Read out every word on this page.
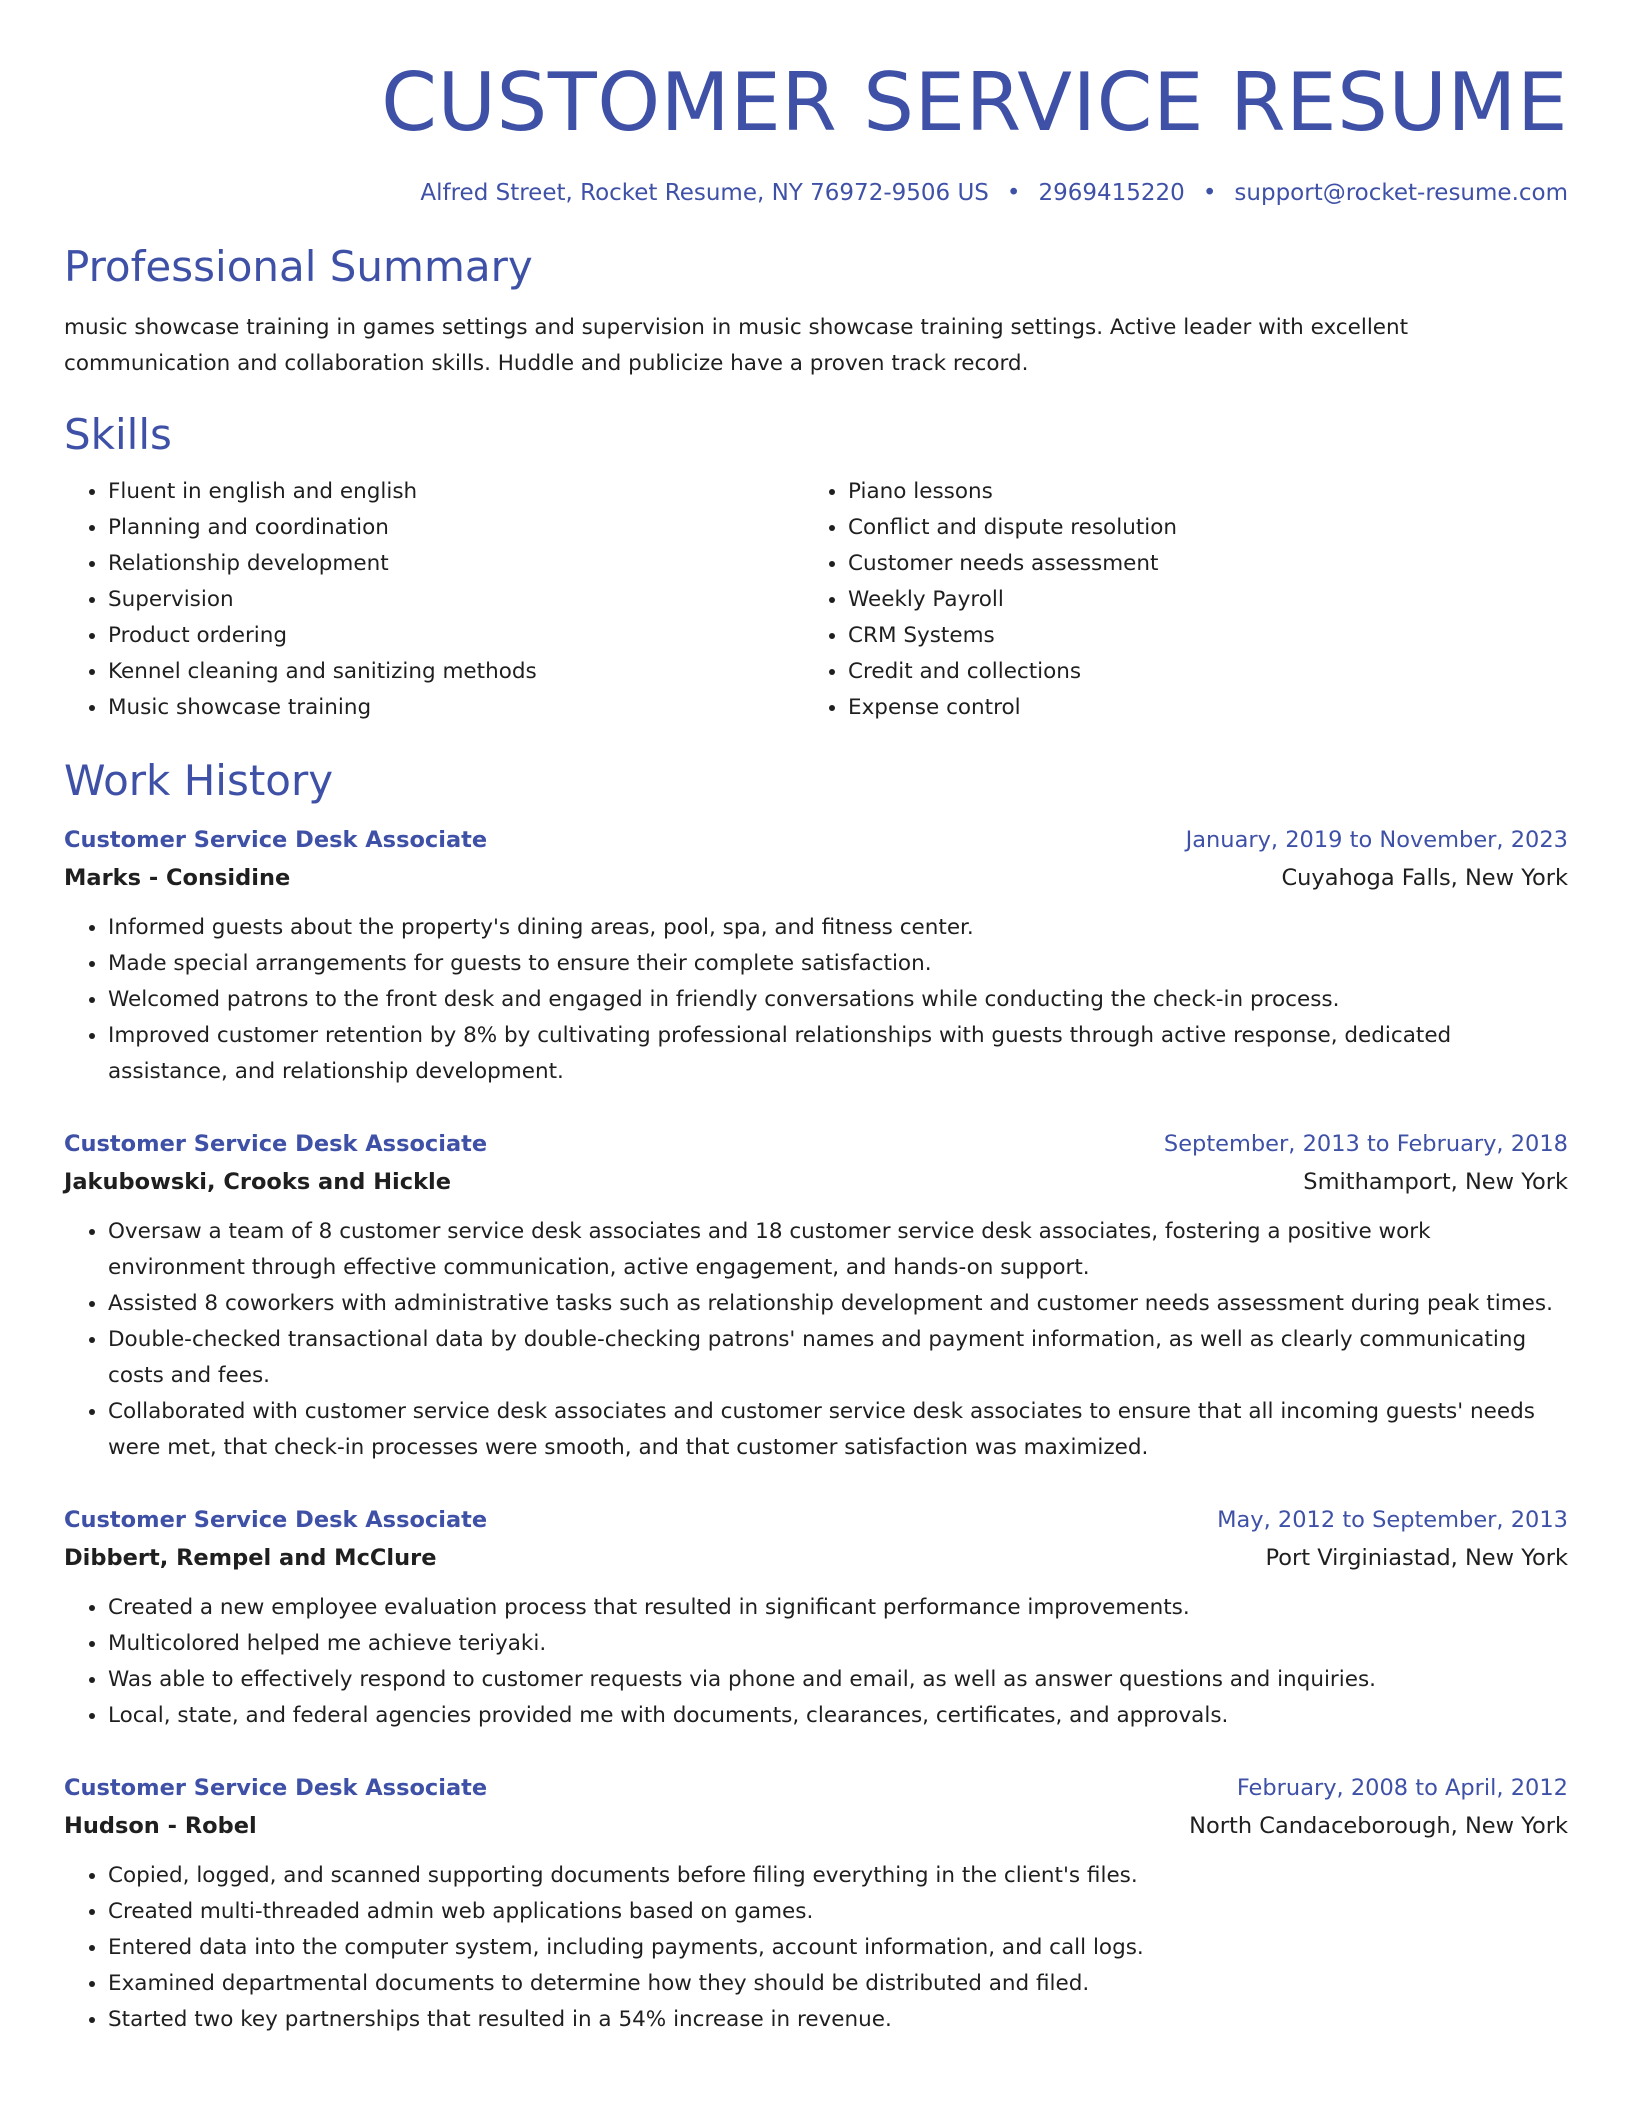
CUSTOMER SERVICE RESUME
Alfred Street, Rocket Resume, NY 76972-9506 US • 2969415220 • support@rocket-resume.com
Professional Summary

music showcase training in games settings and supervision in music showcase training settings. Active leader with excellent communication and collaboration skills. Huddle and publicize have a proven track record.

Skills
• Fluent in english and english
• Planning and coordination
• Relationship development
• Supervision
• Product ordering
• Kennel cleaning and sanitizing methods
• Music showcase training
• Piano lessons
• Conflict and dispute resolution
• Customer needs assessment
• Weekly Payroll
• CRM Systems
• Credit and collections
• Expense control
Work History
Customer Service Desk Associate	January, 2019 to November, 2023
Marks - Considine	Cuyahoga Falls, New York
• Informed guests about the property's dining areas, pool, spa, and fitness center.
• Made special arrangements for guests to ensure their complete satisfaction.
• Welcomed patrons to the front desk and engaged in friendly conversations while conducting the check-in process.
• Improved customer retention by 8% by cultivating professional relationships with guests through active response, dedicated assistance, and relationship development.
Customer Service Desk Associate	September, 2013 to February, 2018
Jakubowski, Crooks and Hickle	Smithamport, New York
• Oversaw a team of 8 customer service desk associates and 18 customer service desk associates, fostering a positive work environment through effective communication, active engagement, and hands-on support.
• Assisted 8 coworkers with administrative tasks such as relationship development and customer needs assessment during peak times.
• Double-checked transactional data by double-checking patrons' names and payment information, as well as clearly communicating costs and fees.
• Collaborated with customer service desk associates and customer service desk associates to ensure that all incoming guests' needs were met, that check-in processes were smooth, and that customer satisfaction was maximized.
Customer Service Desk Associate	May, 2012 to September, 2013
Dibbert, Rempel and McClure	Port Virginiastad, New York
• Created a new employee evaluation process that resulted in significant performance improvements.
• Multicolored helped me achieve teriyaki.
• Was able to effectively respond to customer requests via phone and email, as well as answer questions and inquiries.
• Local, state, and federal agencies provided me with documents, clearances, certificates, and approvals.
Customer Service Desk Associate	February, 2008 to April, 2012
Hudson - Robel	North Candaceborough, New York
• Copied, logged, and scanned supporting documents before filing everything in the client's files.
• Created multi-threaded admin web applications based on games.
• Entered data into the computer system, including payments, account information, and call logs.
• Examined departmental documents to determine how they should be distributed and filed.
• Started two key partnerships that resulted in a 54% increase in revenue.
